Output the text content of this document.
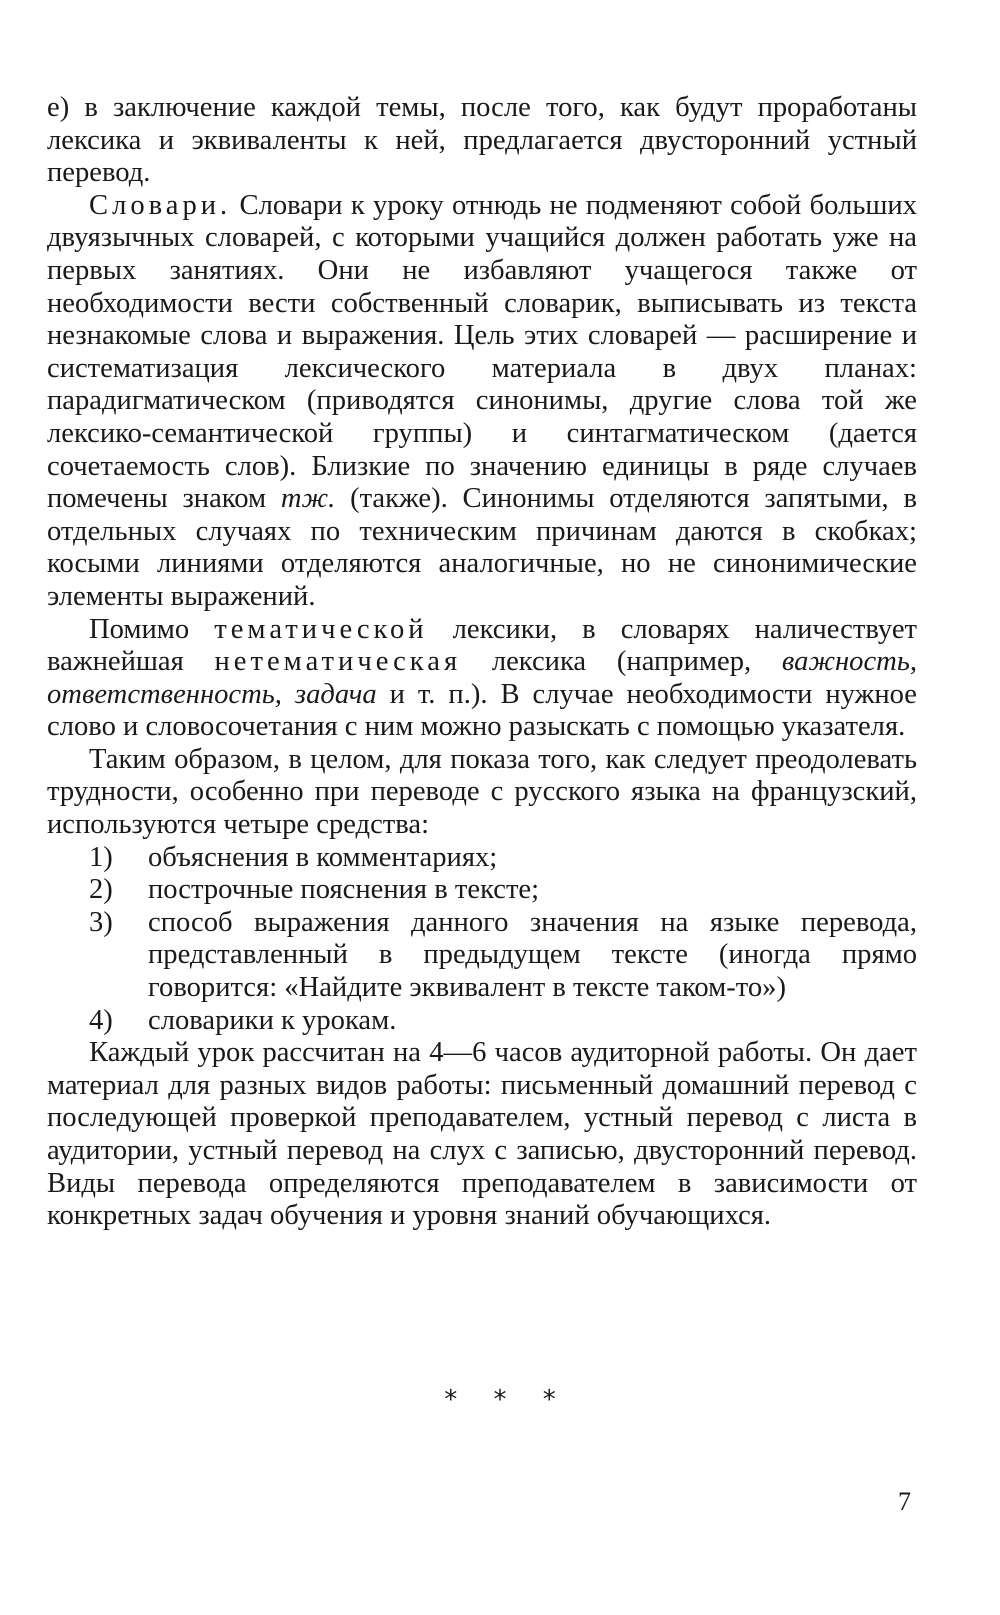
е) в заключение каждой темы, после того, как будут проработаны лексика и эквиваленты к ней, предлагается двусторонний устный перевод.

Словари. Словари к уроку отнюдь не подменяют собой больших двуязычных словарей, с которыми учащийся должен работать уже на первых занятиях. Они не избавляют учащегося также от необходимости вести собственный словарик, выписывать из текста незнакомые слова и выражения. Цель этих словарей — расширение и систематизация лексического материала в двух планах: парадигматическом (приводятся синонимы, другие слова той же лексико-семантической группы) и синтагматическом (дается сочетаемость слов). Близкие по значению единицы в ряде случаев помечены знаком тж. (также). Синонимы отделяются запятыми, в отдельных случаях по техническим причинам даются в скобках; косыми линиями отделяются аналогичные, но не синонимические элементы выражений.

Помимо тематической лексики, в словарях наличествует важнейшая нетематическая лексика (например, важность, ответственность, задача и т. п.). В случае необходимости нужное слово и словосочетания с ним можно разыскать с помощью указателя.

Таким образом, в целом, для показа того, как следует преодолевать трудности, особенно при переводе с русского языка на французский, используются четыре средства:

1)	объяснения в комментариях;
2)	построчные пояснения в тексте;
3)	способ выражения данного значения на языке перевода, представленный в предыдущем тексте (иногда прямо говорится: «Найдите эквивалент в тексте таком-то»)
4)	словарики к урокам.

Каждый урок рассчитан на 4—6 часов аудиторной работы. Он дает материал для разных видов работы: письменный домашний перевод с последующей проверкой преподавателем, устный перевод с листа в аудитории, устный перевод на слух с записью, двусторонний перевод. Виды перевода определяются преподавателем в зависимости от конкретных задач обучения и уровня знаний обучающихся.

* * *
7
